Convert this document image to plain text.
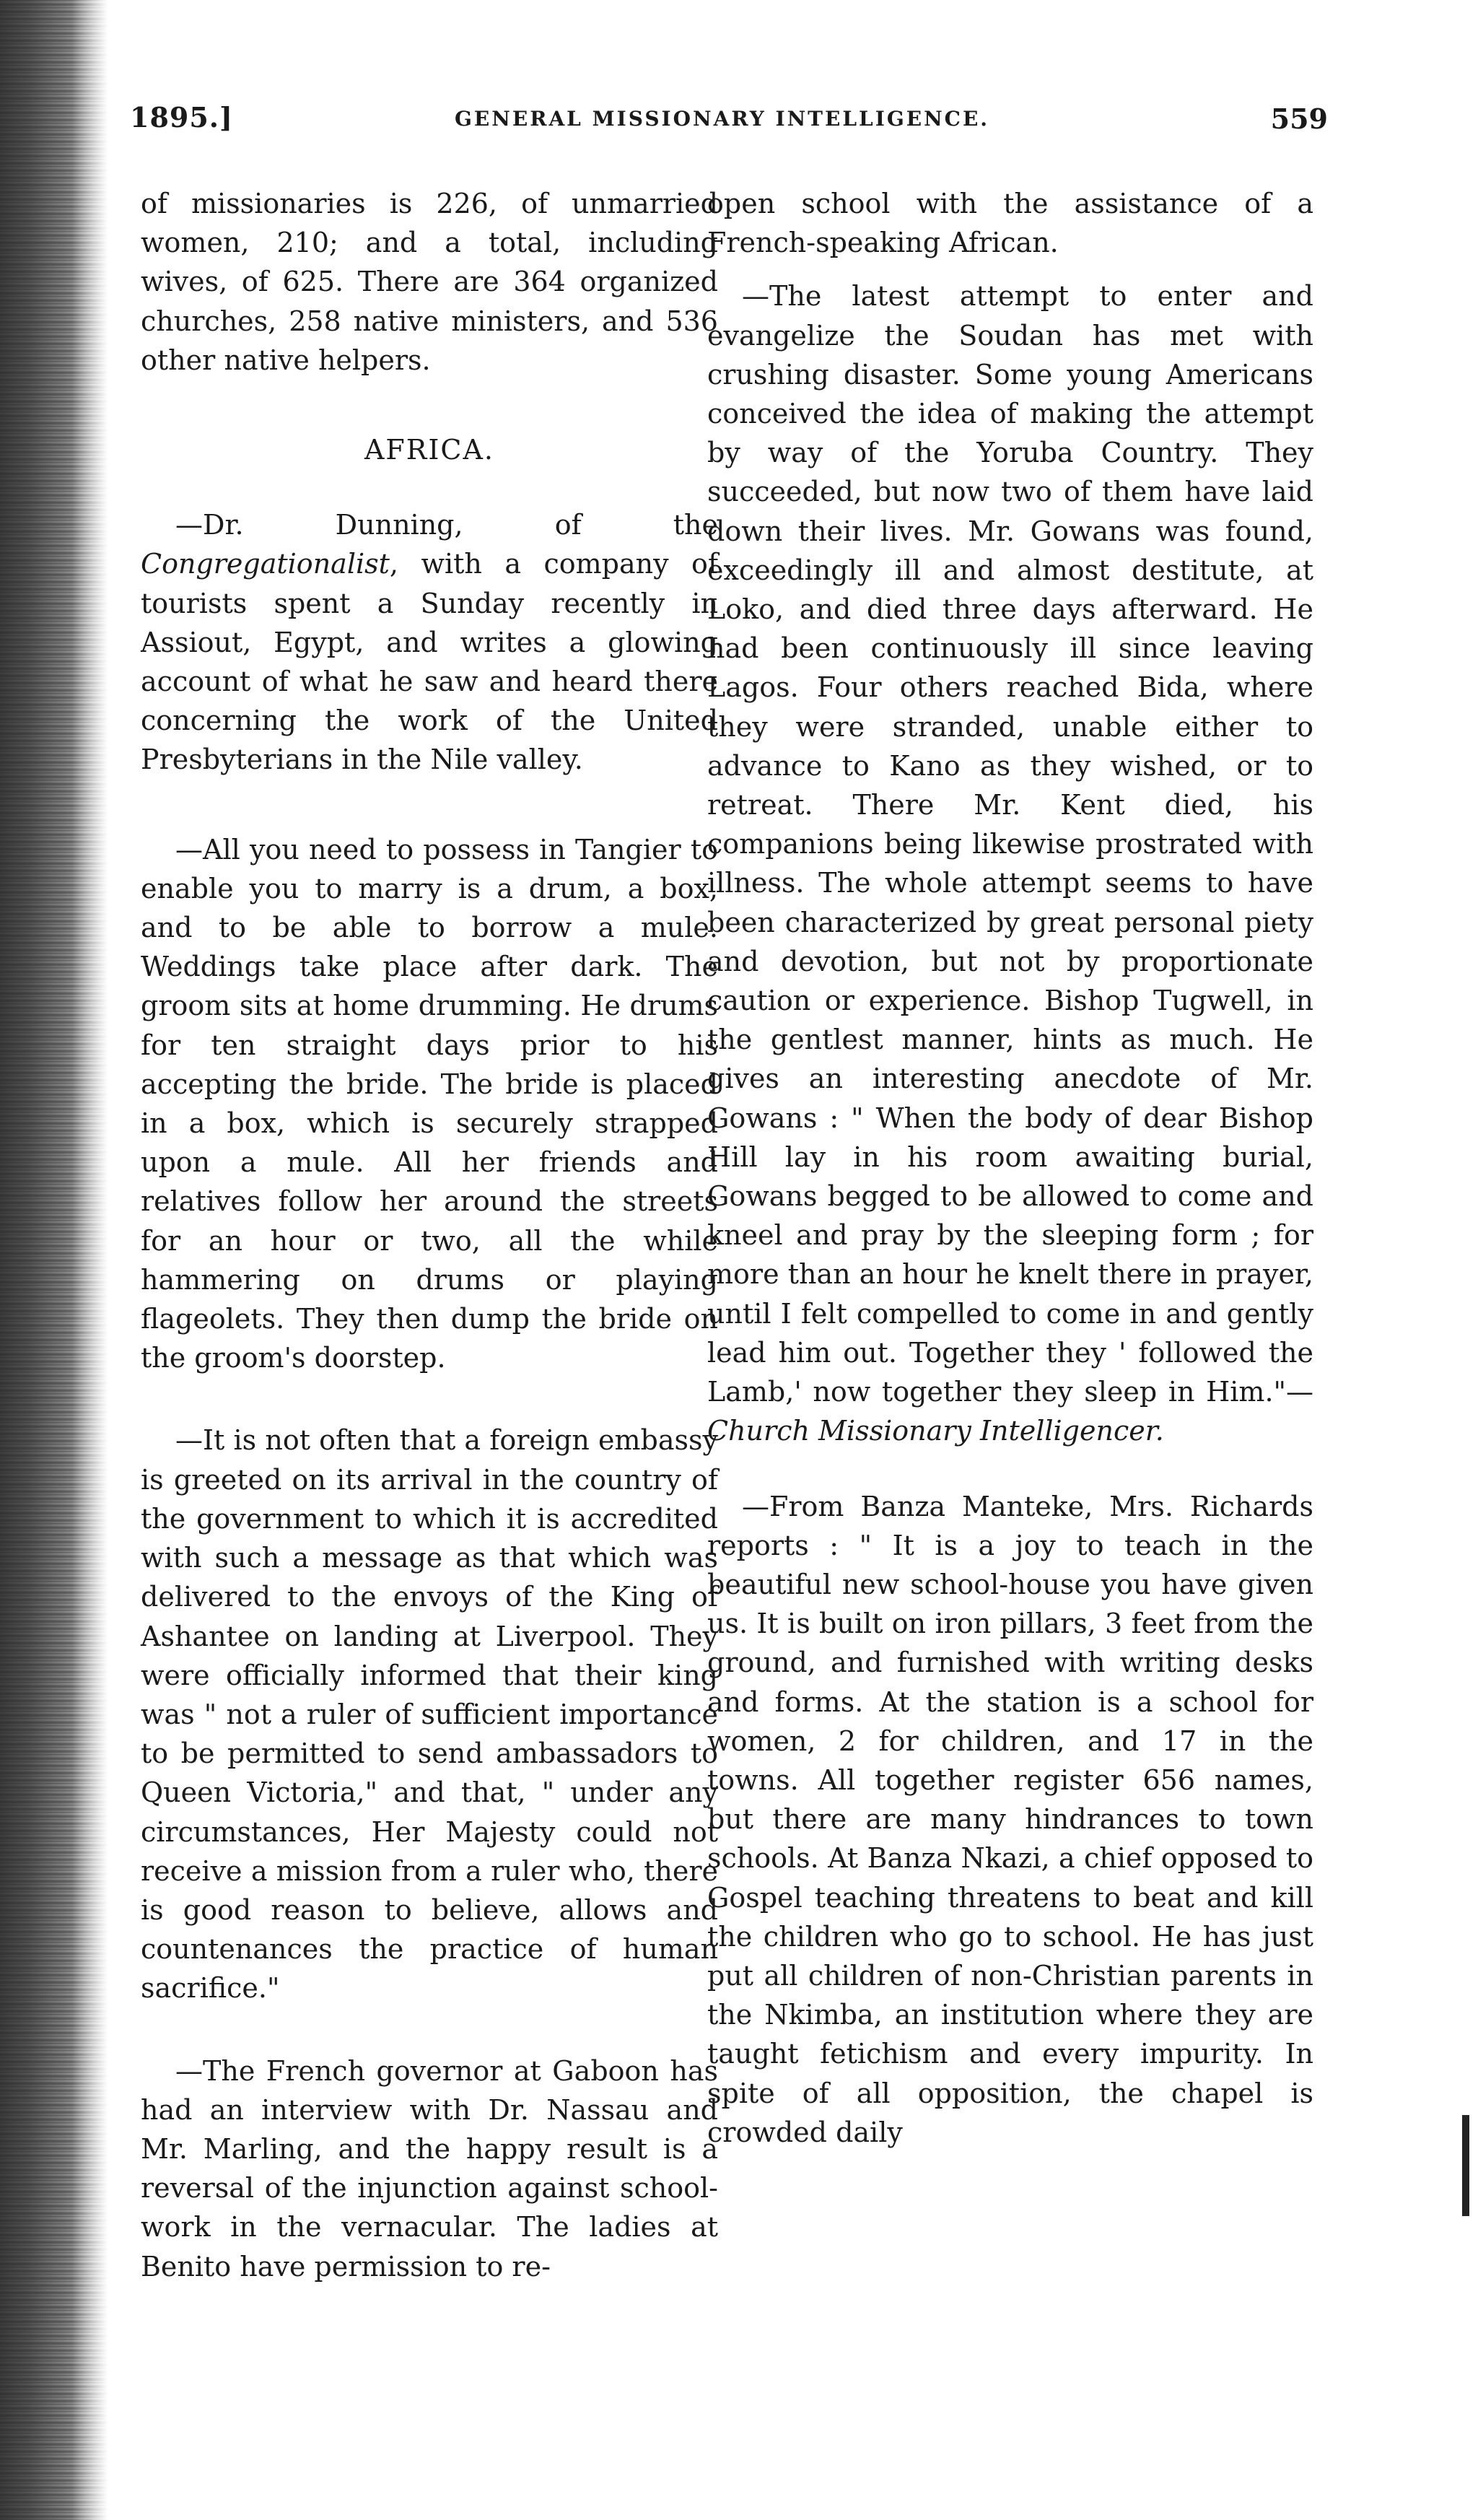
1895.]	GENERAL MISSIONARY INTELLIGENCE.	559

of missionaries is 226, of unmarried women, 210; and a total, including wives, of 625. There are 364 organized churches, 258 native ministers, and 536 other native helpers.

AFRICA.

—Dr. Dunning, of the Congregationalist, with a company of tourists spent a Sunday recently in Assiout, Egypt, and writes a glowing account of what he saw and heard there concerning the work of the United Presbyterians in the Nile valley.

—All you need to possess in Tangier to enable you to marry is a drum, a box, and to be able to borrow a mule. Weddings take place after dark. The groom sits at home drumming. He drums for ten straight days prior to his accepting the bride. The bride is placed in a box, which is securely strapped upon a mule. All her friends and relatives follow her around the streets for an hour or two, all the while hammering on drums or playing flageolets. They then dump the bride on the groom's doorstep.

—It is not often that a foreign embassy is greeted on its arrival in the country of the government to which it is accredited with such a message as that which was delivered to the envoys of the King of Ashantee on landing at Liverpool. They were officially informed that their king was " not a ruler of sufficient importance to be permitted to send ambassadors to Queen Victoria," and that, " under any circumstances, Her Majesty could not receive a mission from a ruler who, there is good reason to believe, allows and countenances the practice of human sacrifice."

—The French governor at Gaboon has had an interview with Dr. Nassau and Mr. Marling, and the happy result is a reversal of the injunction against school-work in the vernacular. The ladies at Benito have permission to re-

open school with the assistance of a French-speaking African.

—The latest attempt to enter and evangelize the Soudan has met with crushing disaster. Some young Americans conceived the idea of making the attempt by way of the Yoruba Country. They succeeded, but now two of them have laid down their lives. Mr. Gowans was found, exceedingly ill and almost destitute, at Loko, and died three days afterward. He had been continuously ill since leaving Lagos. Four others reached Bida, where they were stranded, unable either to advance to Kano as they wished, or to retreat. There Mr. Kent died, his companions being likewise prostrated with illness. The whole attempt seems to have been characterized by great personal piety and devotion, but not by proportionate caution or experience. Bishop Tugwell, in the gentlest manner, hints as much. He gives an interesting anecdote of Mr. Gowans : " When the body of dear Bishop Hill lay in his room awaiting burial, Gowans begged to be allowed to come and kneel and pray by the sleeping form ; for more than an hour he knelt there in prayer, until I felt compelled to come in and gently lead him out. Together they ' followed the Lamb,' now together they sleep in Him."—Church Missionary Intelligencer.

—From Banza Manteke, Mrs. Richards reports : " It is a joy to teach in the beautiful new school-house you have given us. It is built on iron pillars, 3 feet from the ground, and furnished with writing desks and forms. At the station is a school for women, 2 for children, and 17 in the towns. All together register 656 names, but there are many hindrances to town schools. At Banza Nkazi, a chief opposed to Gospel teaching threatens to beat and kill the children who go to school. He has just put all children of non-Christian parents in the Nkimba, an institution where they are taught fetichism and every impurity. In spite of all opposition, the chapel is crowded daily
